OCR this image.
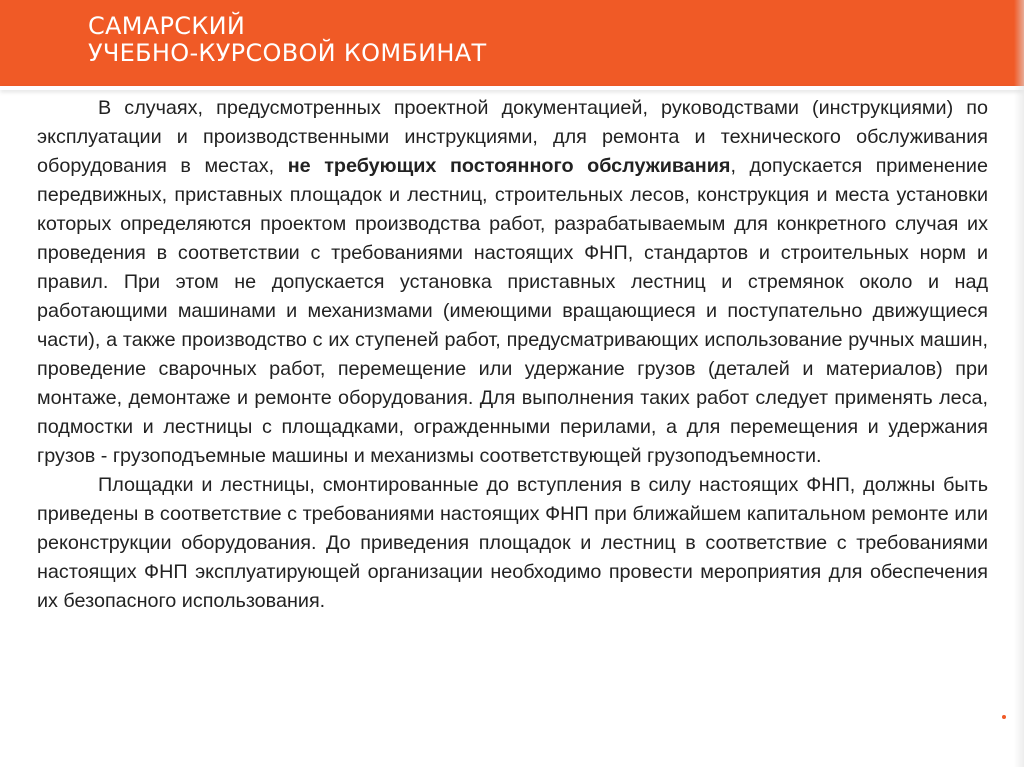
САМАРСКИЙ
УЧЕБНО-КУРСОВОЙ КОМБИНАТ

В случаях, предусмотренных проектной документацией, руководствами (инструкциями) по эксплуатации и производственными инструкциями, для ремонта и технического обслуживания оборудования в местах, не требующих постоянного обслуживания, допускается применение передвижных, приставных площадок и лестниц, строительных лесов, конструкция и места установки которых определяются проектом производства работ, разрабатываемым для конкретного случая их проведения в соответствии с требованиями настоящих ФНП, стандартов и строительных норм и правил. При этом не допускается установка приставных лестниц и стремянок около и над работающими машинами и механизмами (имеющими вращающиеся и поступательно движущиеся части), а также производство с их ступеней работ, предусматривающих использование ручных машин, проведение сварочных работ, перемещение или удержание грузов (деталей и материалов) при монтаже, демонтаже и ремонте оборудования. Для выполнения таких работ следует применять леса, подмостки и лестницы с площадками, огражденными перилами, а для перемещения и удержания грузов - грузоподъемные машины и механизмы соответствующей грузоподъемности.

Площадки и лестницы, смонтированные до вступления в силу настоящих ФНП, должны быть приведены в соответствие с требованиями настоящих ФНП при ближайшем капитальном ремонте или реконструкции оборудования. До приведения площадок и лестниц в соответствие с требованиями настоящих ФНП эксплуатирующей организации необходимо провести мероприятия для обеспечения их безопасного использования.
